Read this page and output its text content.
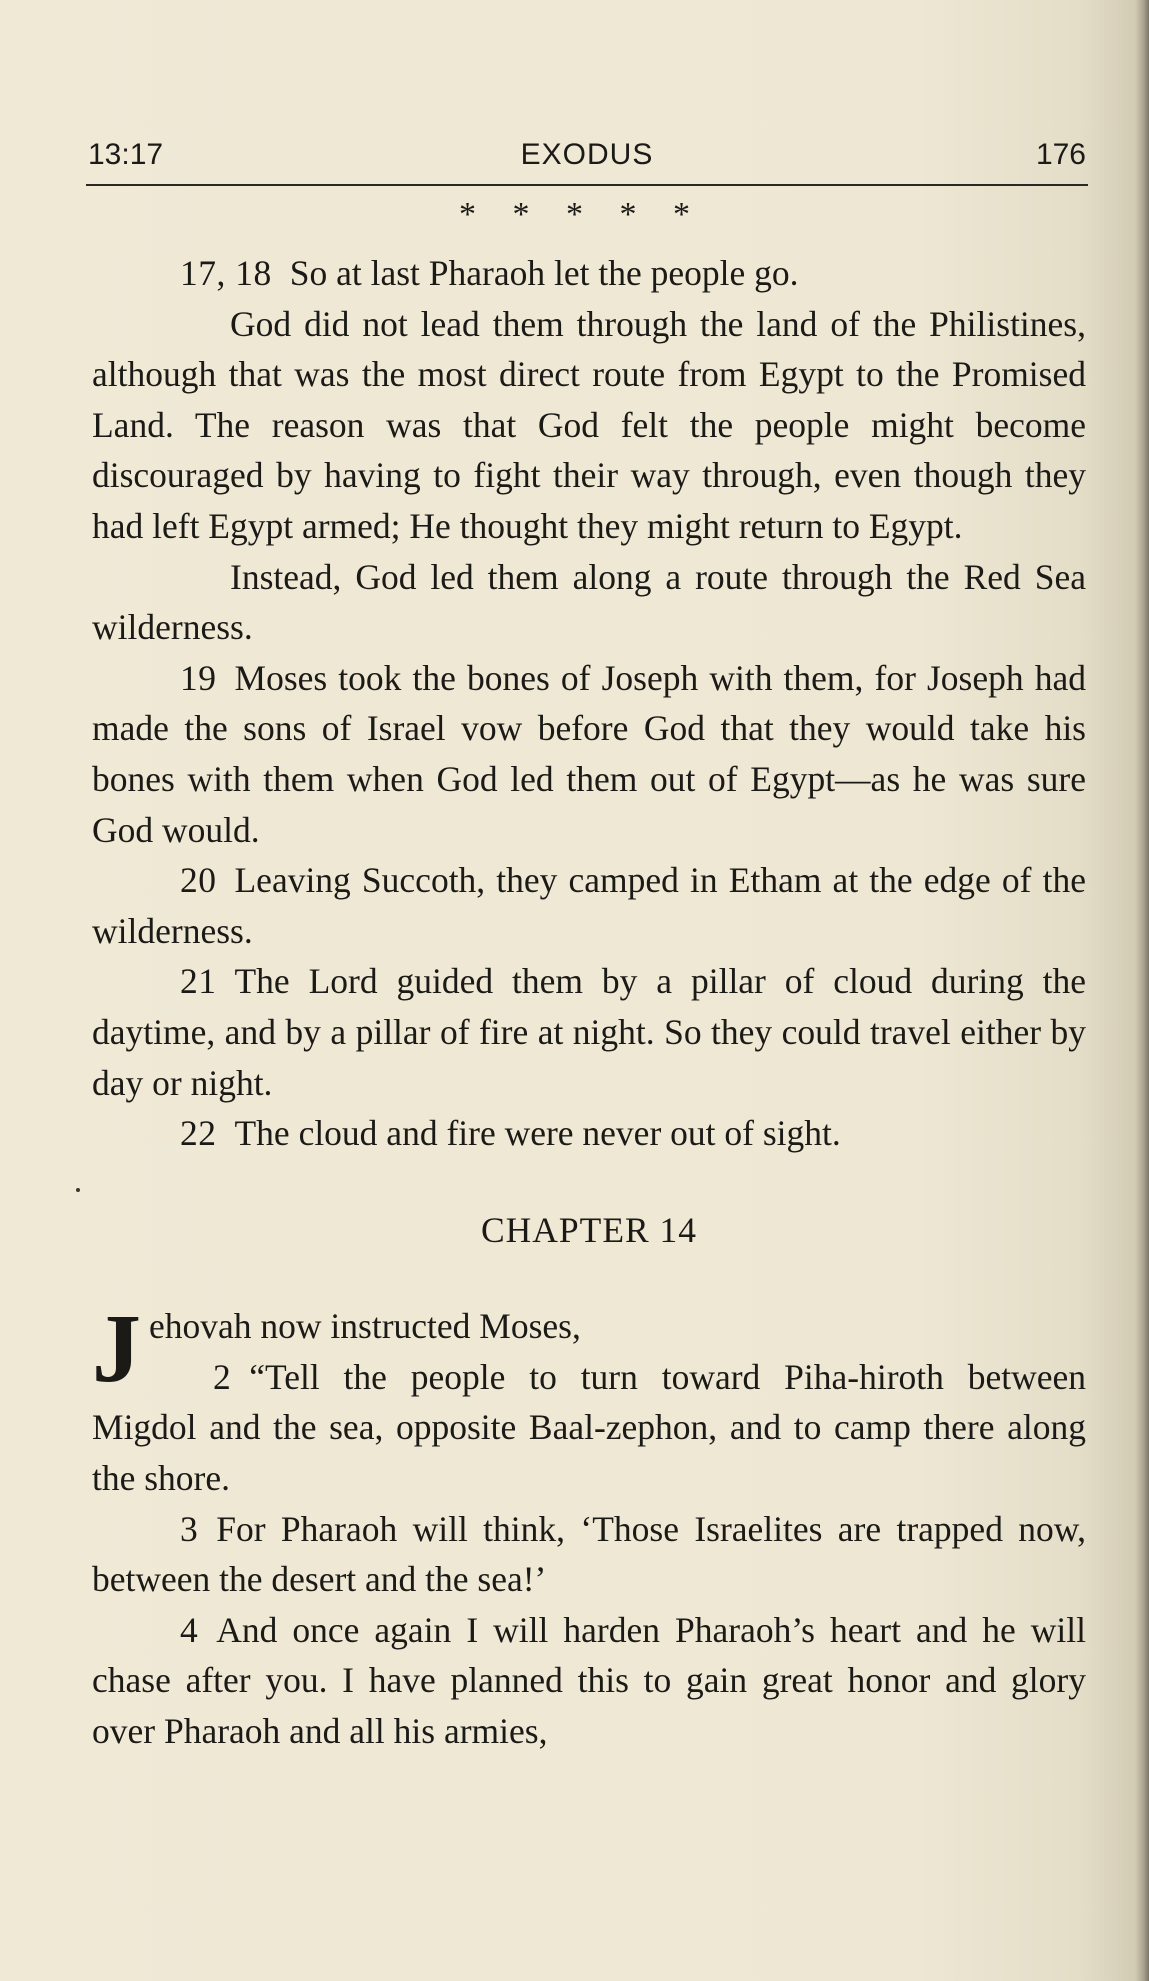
13:17	EXODUS	176
* * * * *

17, 18 So at last Pharaoh let the people go.

God did not lead them through the land of the Philistines, although that was the most direct route from Egypt to the Promised Land. The reason was that God felt the people might become discouraged by having to fight their way through, even though they had left Egypt armed; He thought they might return to Egypt.

Instead, God led them along a route through the Red Sea wilderness.

19 Moses took the bones of Joseph with them, for Joseph had made the sons of Israel vow before God that they would take his bones with them when God led them out of Egypt—as he was sure God would.

20 Leaving Succoth, they camped in Etham at the edge of the wilderness.

21 The Lord guided them by a pillar of cloud during the daytime, and by a pillar of fire at night. So they could travel either by day or night.

22 The cloud and fire were never out of sight.

CHAPTER 14

J ehovah now instructed Moses,

2 “Tell the people to turn toward Piha-hiroth between Migdol and the sea, opposite Baal-zephon, and to camp there along the shore.

3 For Pharaoh will think, ‘Those Israelites are trapped now, between the desert and the sea!’

4 And once again I will harden Pharaoh’s heart and he will chase after you. I have planned this to gain great honor and glory over Pharaoh and all his armies,
